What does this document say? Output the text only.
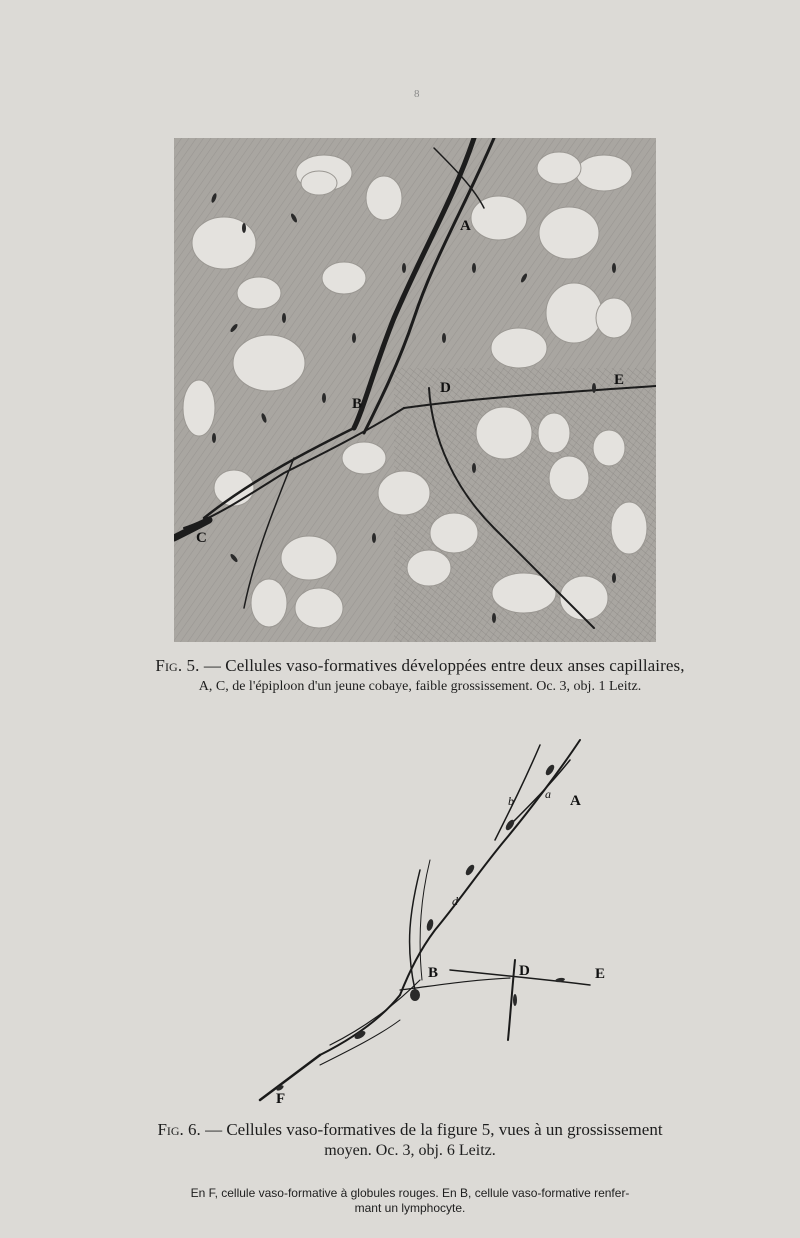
8
A
B
C
D	E
Fig. 5. — Cellules vaso-formatives développées entre deux anses capillaires,
A, C, de l'épiploon d'un jeune cobaye, faible grossissement. Oc. 3, obj. 1 Leitz.
A
B	D	E
F
a
b
d
Fig. 6. — Cellules vaso-formatives de la figure 5, vues à un grossissement
moyen. Oc. 3, obj. 6 Leitz.
En F, cellule vaso-formative à globules rouges. En B, cellule vaso-formative renfer-
mant un lymphocyte.
